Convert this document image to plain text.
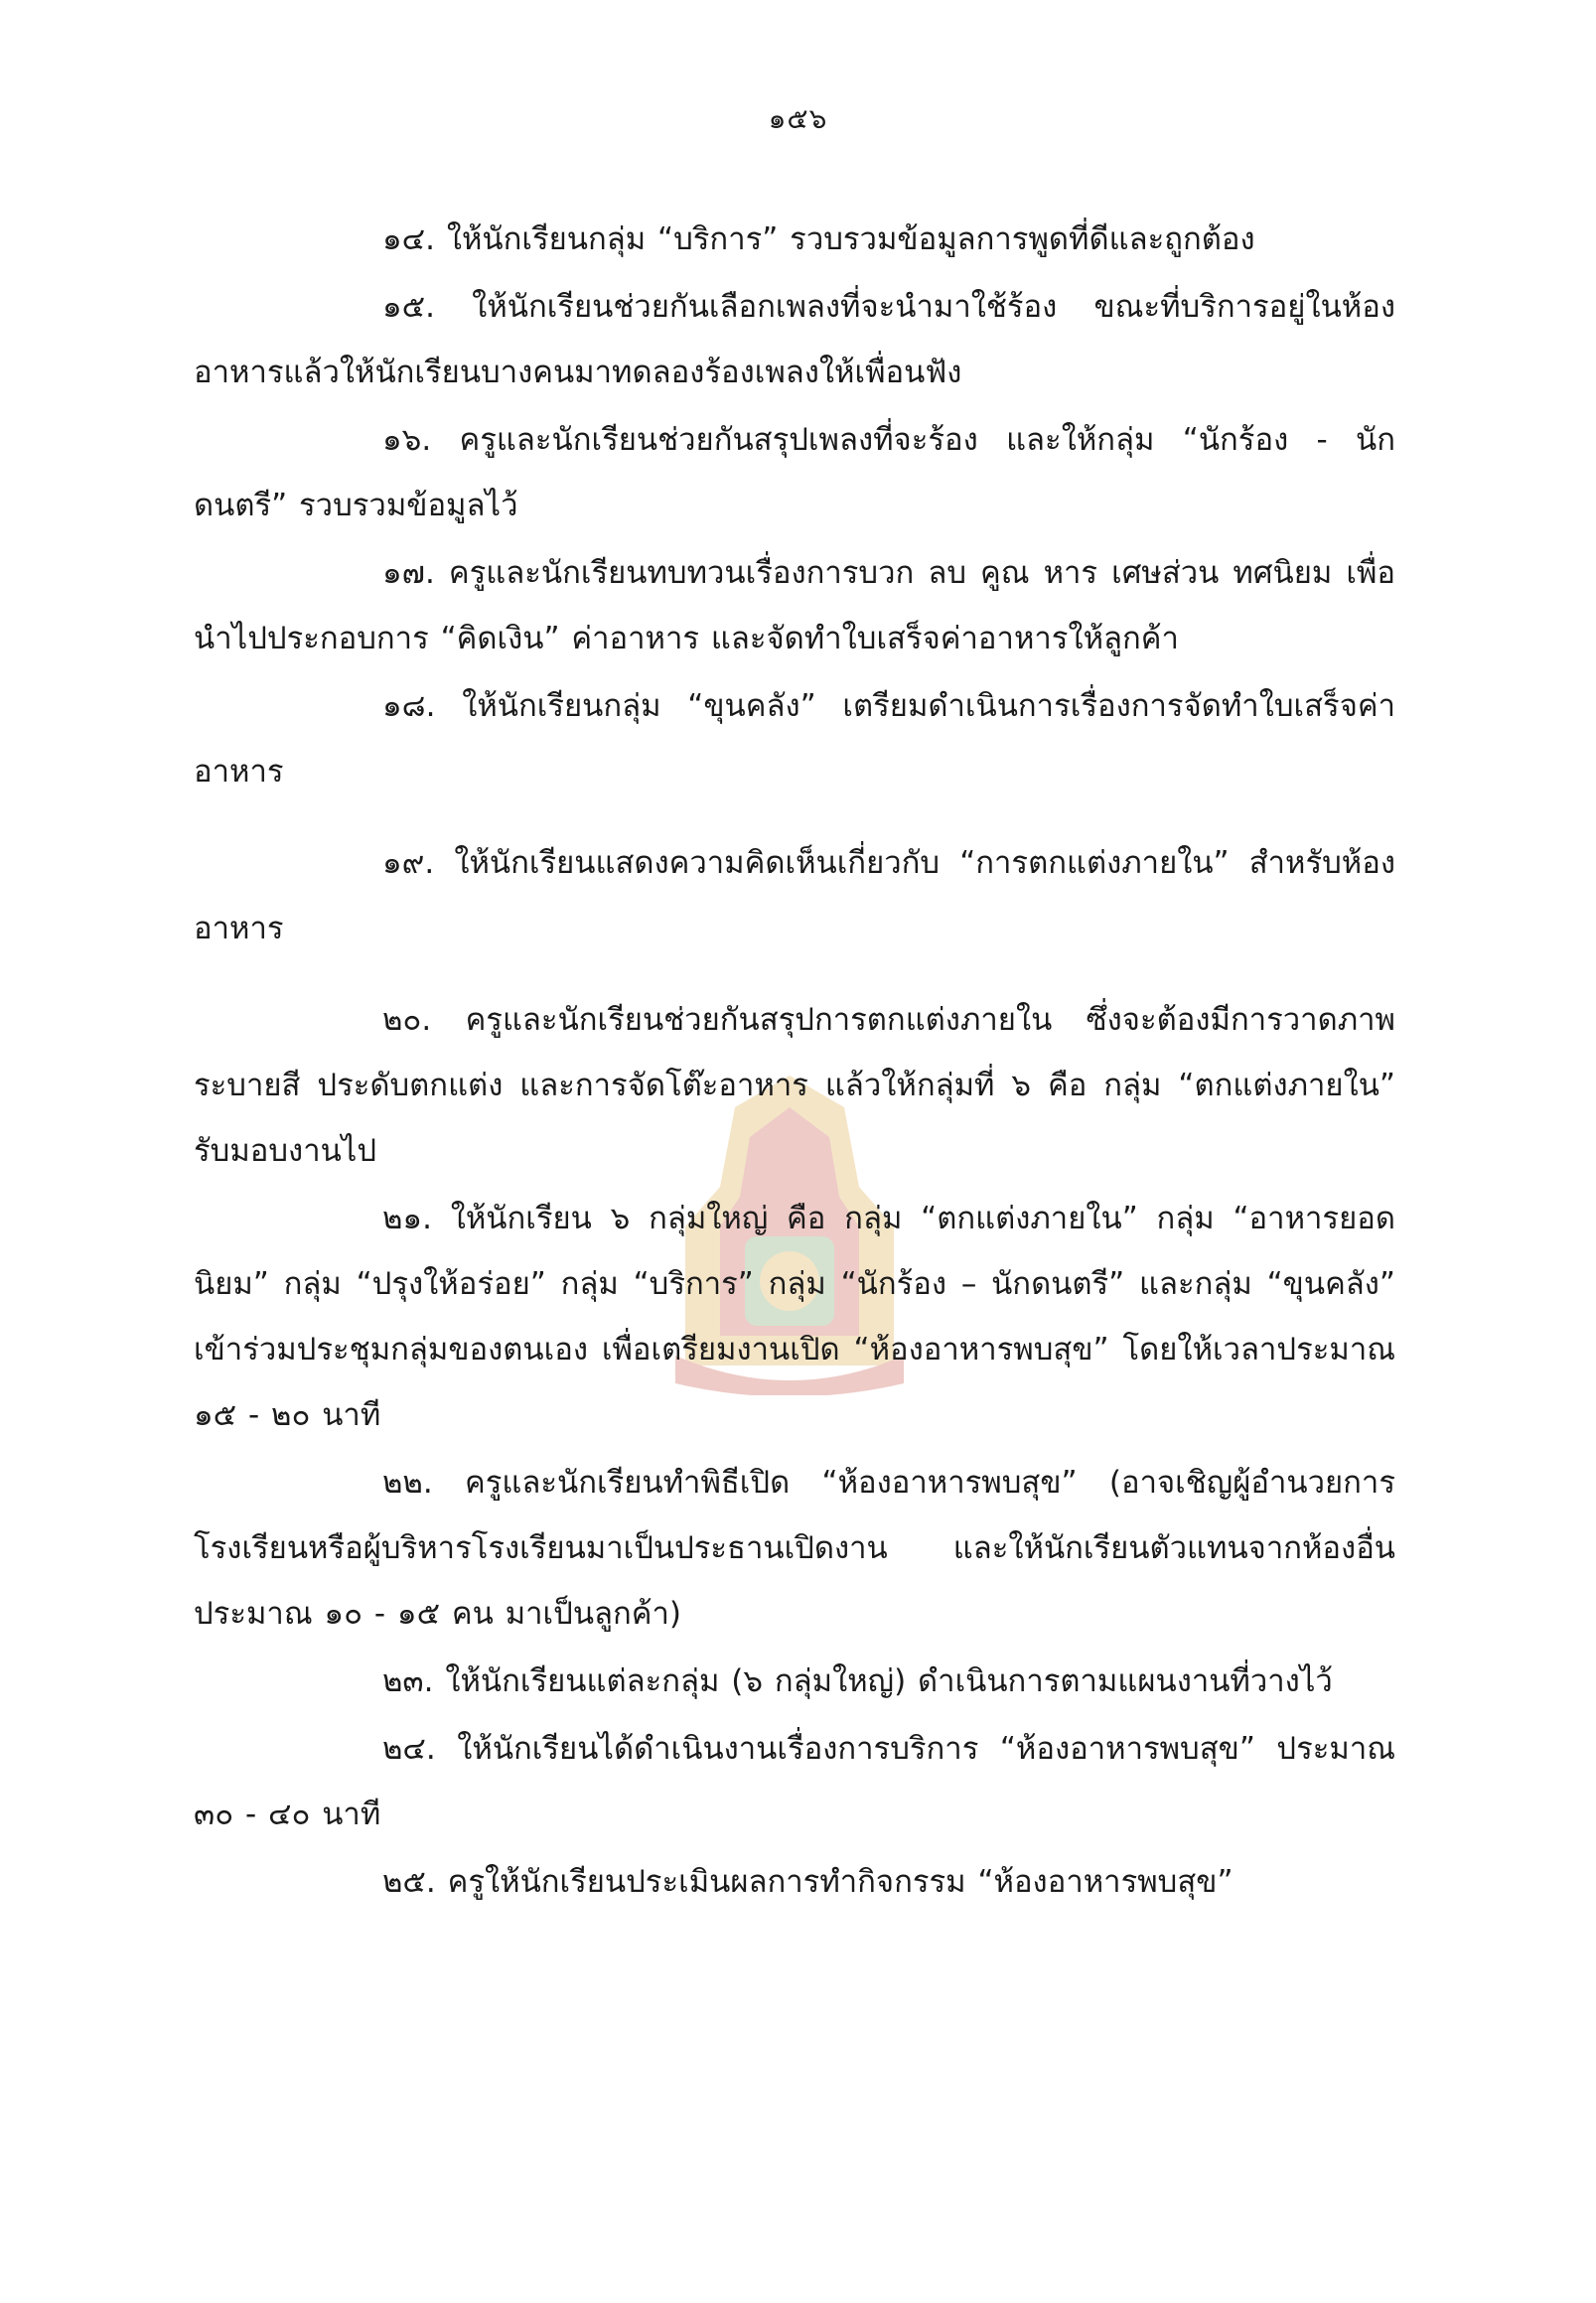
๑๕๖

๑๔. ให้นักเรียนกลุ่ม “บริการ” รวบรวมข้อมูลการพูดที่ดีและถูกต้อง

๑๕. ให้นักเรียนช่วยกันเลือกเพลงที่จะนำมาใช้ร้อง ขณะที่บริการอยู่ในห้องอาหารแล้วให้นักเรียนบางคนมาทดลองร้องเพลงให้เพื่อนฟัง

๑๖. ครูและนักเรียนช่วยกันสรุปเพลงที่จะร้อง และให้กลุ่ม “นักร้อง - นักดนตรี” รวบรวมข้อมูลไว้

๑๗. ครูและนักเรียนทบทวนเรื่องการบวก ลบ คูณ หาร เศษส่วน ทศนิยม เพื่อนำไปประกอบการ “คิดเงิน” ค่าอาหาร และจัดทำใบเสร็จค่าอาหารให้ลูกค้า

๑๘. ให้นักเรียนกลุ่ม “ขุนคลัง” เตรียมดำเนินการเรื่องการจัดทำใบเสร็จค่าอาหาร

๑๙. ให้นักเรียนแสดงความคิดเห็นเกี่ยวกับ “การตกแต่งภายใน” สำหรับห้องอาหาร

๒๐. ครูและนักเรียนช่วยกันสรุปการตกแต่งภายใน ซึ่งจะต้องมีการวาดภาพ ระบายสี ประดับตกแต่ง และการจัดโต๊ะอาหาร แล้วให้กลุ่มที่ ๖ คือ กลุ่ม “ตกแต่งภายใน” รับมอบงานไป

๒๑. ให้นักเรียน ๖ กลุ่มใหญ่ คือ กลุ่ม “ตกแต่งภายใน” กลุ่ม “อาหารยอดนิยม” กลุ่ม “ปรุงให้อร่อย” กลุ่ม “บริการ” กลุ่ม “นักร้อง – นักดนตรี” และกลุ่ม “ขุนคลัง” เข้าร่วมประชุมกลุ่มของตนเอง เพื่อเตรียมงานเปิด “ห้องอาหารพบสุข” โดยให้เวลาประมาณ ๑๕ - ๒๐ นาที

๒๒. ครูและนักเรียนทำพิธีเปิด “ห้องอาหารพบสุข” (อาจเชิญผู้อำนวยการโรงเรียนหรือผู้บริหารโรงเรียนมาเป็นประธานเปิดงาน และให้นักเรียนตัวแทนจากห้องอื่นประมาณ ๑๐ - ๑๕ คน มาเป็นลูกค้า)

๒๓. ให้นักเรียนแต่ละกลุ่ม (๖ กลุ่มใหญ่) ดำเนินการตามแผนงานที่วางไว้

๒๔. ให้นักเรียนได้ดำเนินงานเรื่องการบริการ “ห้องอาหารพบสุข” ประมาณ ๓๐ - ๔๐ นาที

๒๕. ครูให้นักเรียนประเมินผลการทำกิจกรรม “ห้องอาหารพบสุข”
